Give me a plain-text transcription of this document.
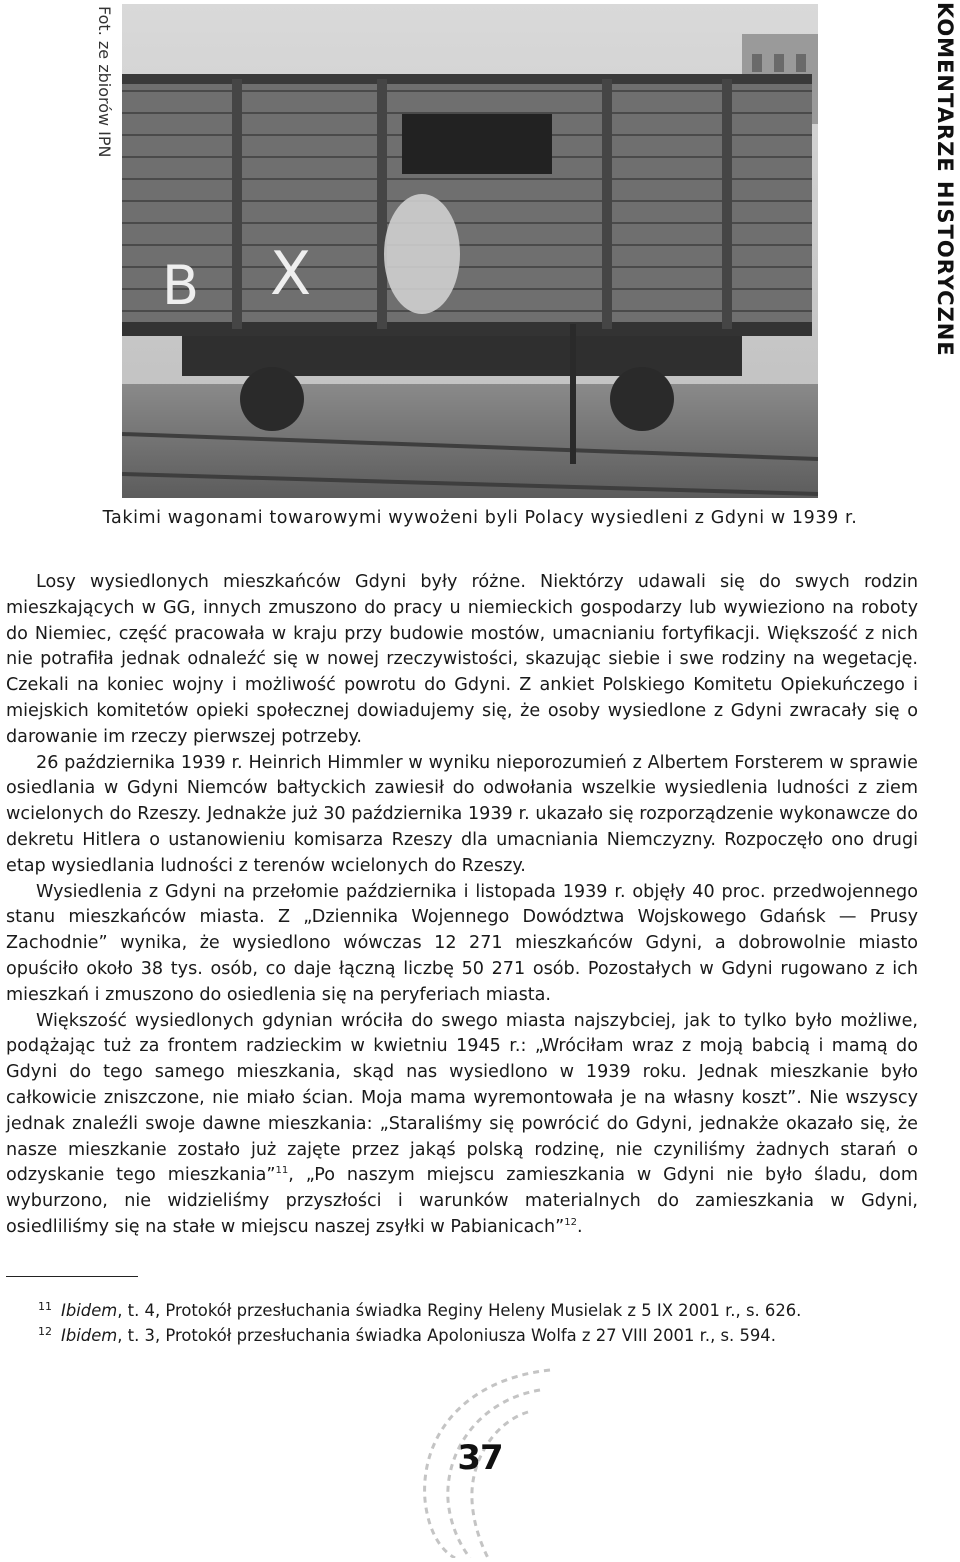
Fot. ze zbiorów IPN	KOMENTARZE HISTORYCZNE
B X
Takimi wagonami towarowymi wywożeni byli Polacy wysiedleni z Gdyni w 1939 r.

Losy wysiedlonych mieszkańców Gdyni były różne. Niektórzy udawali się do swych rodzin mieszkających w GG, innych zmuszono do pracy u niemieckich gospodarzy lub wywieziono na roboty do Niemiec, część pracowała w kraju przy budowie mostów, umacnianiu fortyfikacji. Większość z nich nie potrafiła jednak odnaleźć się w nowej rzeczywistości, skazując siebie i swe rodziny na wegetację. Czekali na koniec wojny i możliwość powrotu do Gdyni. Z ankiet Polskiego Komitetu Opiekuńczego i miejskich komitetów opieki społecznej dowiadujemy się, że osoby wysiedlone z Gdyni zwracały się o darowanie im rzeczy pierwszej potrzeby.

26 października 1939 r. Heinrich Himmler w wyniku nieporozumień z Albertem Forsterem w sprawie osiedlania w Gdyni Niemców bałtyckich zawiesił do odwołania wszelkie wysiedlenia ludności z ziem wcielonych do Rzeszy. Jednakże już 30 października 1939 r. ukazało się rozporządzenie wykonawcze do dekretu Hitlera o ustanowieniu komisarza Rzeszy dla umacniania Niemczyzny. Rozpoczęło ono drugi etap wysiedlania ludności z terenów wcielonych do Rzeszy.

Wysiedlenia z Gdyni na przełomie października i listopada 1939 r. objęły 40 proc. przedwojennego stanu mieszkańców miasta. Z „Dziennika Wojennego Dowództwa Wojskowego Gdańsk — Prusy Zachodnie” wynika, że wysiedlono wówczas 12 271 mieszkańców Gdyni, a dobrowolnie miasto opuściło około 38 tys. osób, co daje łączną liczbę 50 271 osób. Pozostałych w Gdyni rugowano z ich mieszkań i zmuszono do osiedlenia się na peryferiach miasta.

Większość wysiedlonych gdynian wróciła do swego miasta najszybciej, jak to tylko było możliwe, podążając tuż za frontem radzieckim w kwietniu 1945 r.: „Wróciłam wraz z moją babcią i mamą do Gdyni do tego samego mieszkania, skąd nas wysiedlono w 1939 roku. Jednak mieszkanie było całkowicie zniszczone, nie miało ścian. Moja mama wyremontowała je na własny koszt”. Nie wszyscy jednak znaleźli swoje dawne mieszkania: „Staraliśmy się powrócić do Gdyni, jednakże okazało się, że nasze mieszkanie zostało już zajęte przez jakąś polską rodzinę, nie czyniliśmy żadnych starań o odzyskanie tego mieszkania”$^{11}$, „Po naszym miejscu zamieszkania w Gdyni nie było śladu, dom wyburzono, nie widzieliśmy przyszłości i warunków materialnych do zamieszkania w Gdyni, osiedliliśmy się na stałe w miejscu naszej zsyłki w Pabianicach”$^{12}$.

11 Ibidem, t. 4, Protokół przesłuchania świadka Reginy Heleny Musielak z 5 IX 2001 r., s. 626.
12 Ibidem, t. 3, Protokół przesłuchania świadka Apoloniusza Wolfa z 27 VIII 2001 r., s. 594.
37
